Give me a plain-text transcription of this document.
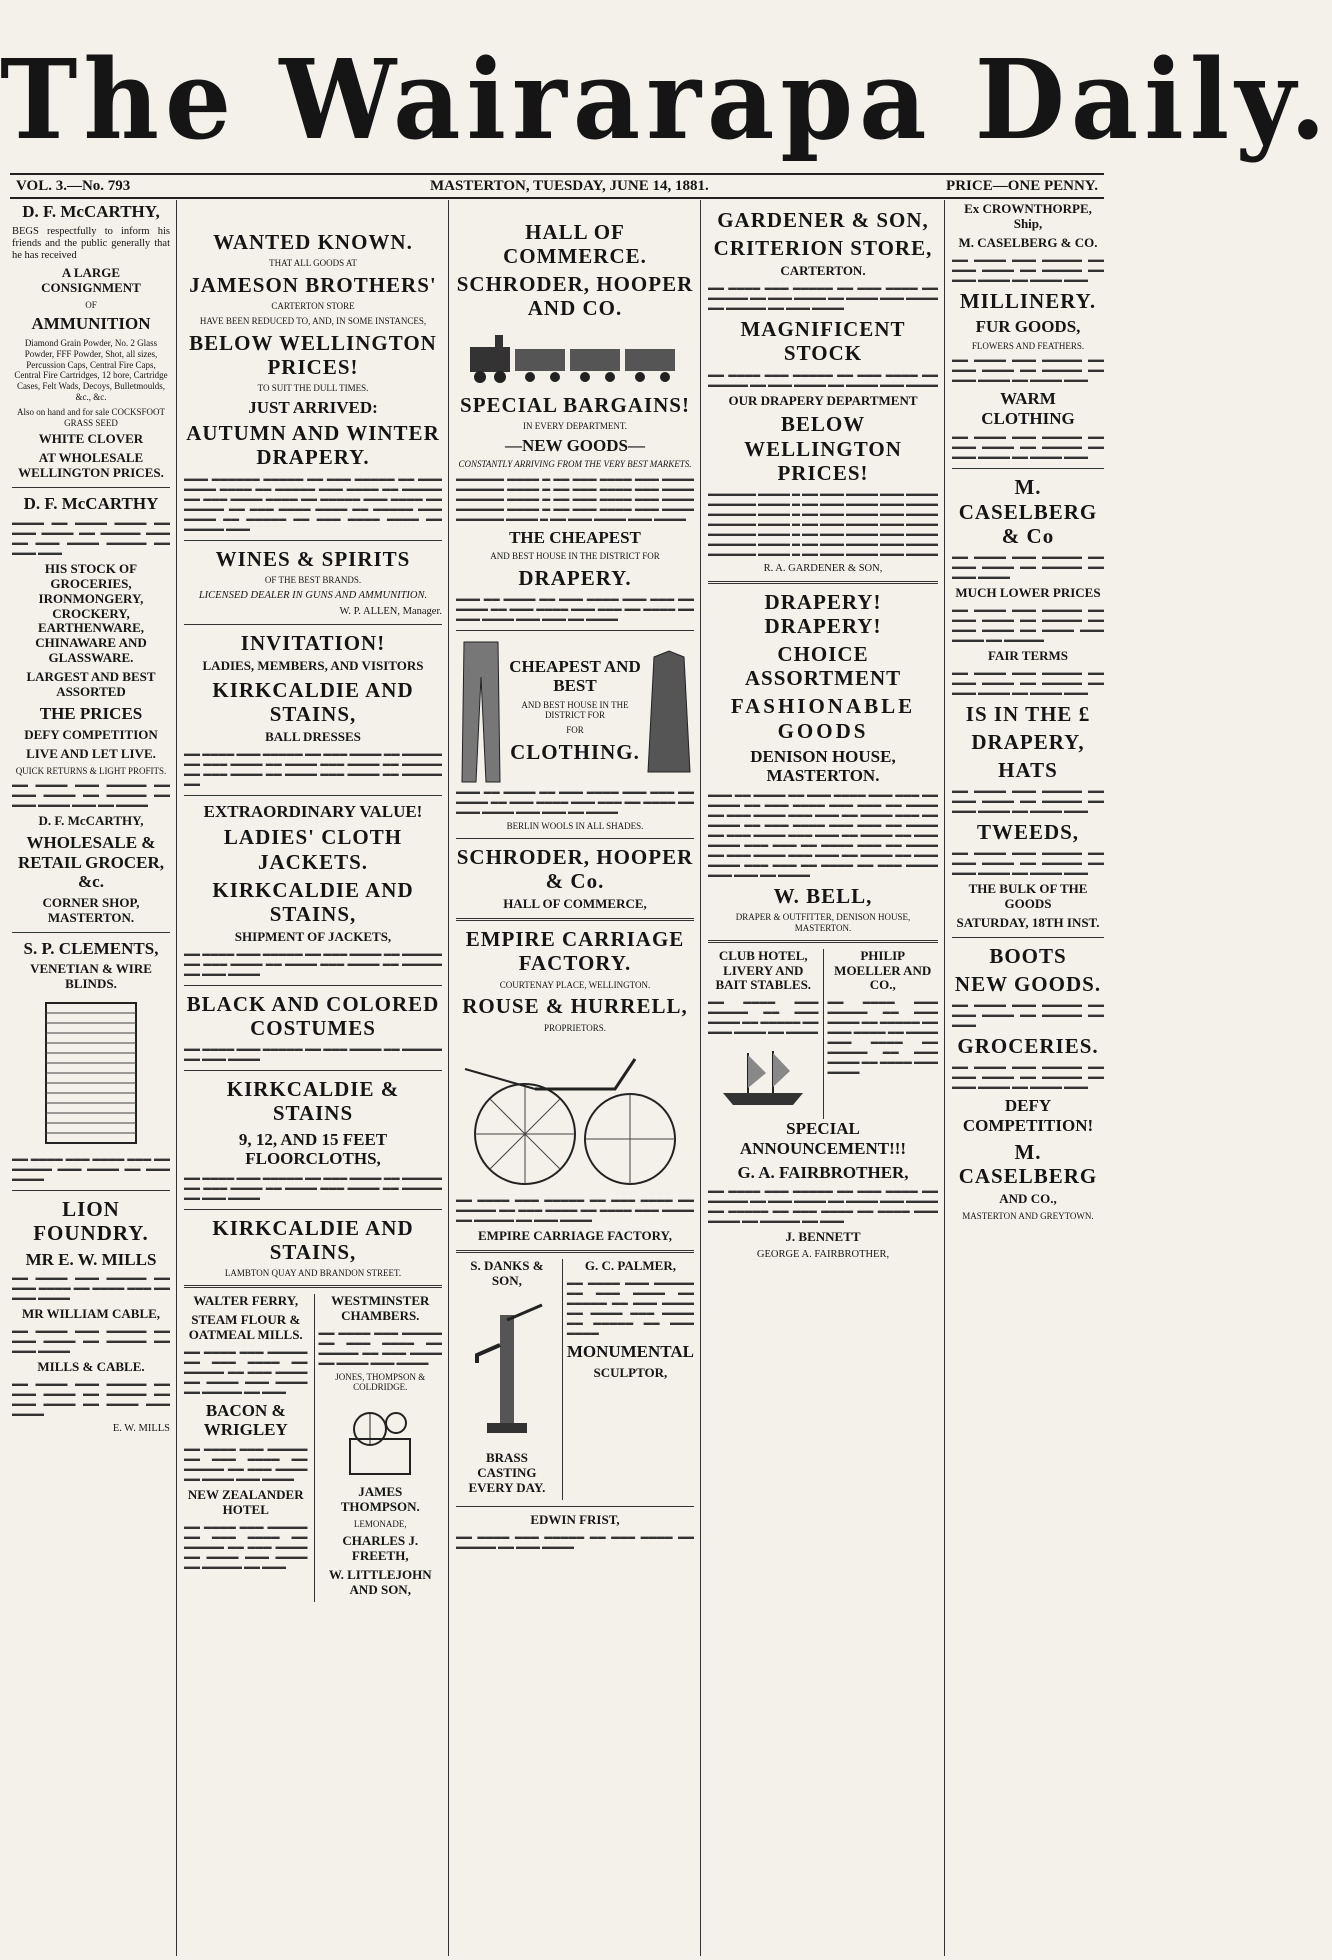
The Wairarapa Daily.
VOL. 3.—No. 793	MASTERTON, TUESDAY, JUNE 14, 1881.	PRICE—ONE PENNY.
D. F. McCARTHY,
BEGS respectfully to inform his friends and the public generally that he has received
A LARGE CONSIGNMENT
OF
AMMUNITION
Diamond Grain Powder, No. 2 Glass Powder, FFF Powder, Shot, all sizes, Percussion Caps, Central Fire Caps, Central Fire Cartridges, 12 bore, Cartridge Cases, Felt Wads, Decoys, Bulletmoulds, &c., &c.
Also on hand and for sale COCKSFOOT GRASS SEED
WHITE CLOVER
AT WHOLESALE WELLINGTON PRICES.
D. F. McCARTHY
▬▬▬▬ ▬▬ ▬▬▬▬ ▬▬▬▬ ▬▬ ▬▬▬ ▬▬▬▬ ▬▬ ▬▬▬▬▬ ▬▬▬ ▬▬ ▬▬▬ ▬▬▬▬ ▬▬▬▬▬ ▬▬ ▬▬▬ ▬▬▬
HIS STOCK OF GROCERIES, IRONMONGERY, CROCKERY, EARTHENWARE, CHINAWARE AND GLASSWARE.
LARGEST AND BEST ASSORTED
THE PRICES
DEFY COMPETITION
LIVE AND LET LIVE.
QUICK RETURNS & LIGHT PROFITS.
▬▬ ▬▬▬▬ ▬▬▬ ▬▬▬▬▬ ▬▬ ▬▬▬ ▬▬▬▬ ▬▬ ▬▬▬▬▬ ▬▬ ▬▬▬ ▬▬▬▬ ▬▬▬ ▬▬ ▬▬▬▬
D. F. McCARTHY,
WHOLESALE & RETAIL GROCER, &c.
CORNER SHOP, MASTERTON.
S. P. CLEMENTS,
VENETIAN & WIRE BLINDS.
▬▬ ▬▬▬▬ ▬▬▬ ▬▬▬▬ ▬▬▬ ▬▬ ▬▬▬▬▬ ▬▬▬ ▬▬▬▬ ▬▬ ▬▬▬ ▬▬▬▬
LION FOUNDRY.
MR E. W. MILLS
▬▬ ▬▬▬▬ ▬▬▬ ▬▬▬▬▬ ▬▬ ▬▬▬ ▬▬▬▬ ▬▬ ▬▬▬▬ ▬▬▬ ▬▬ ▬▬▬ ▬▬▬▬
MR WILLIAM CABLE,
▬▬ ▬▬▬▬ ▬▬▬ ▬▬▬▬▬ ▬▬ ▬▬▬ ▬▬▬▬ ▬▬ ▬▬▬▬▬ ▬▬ ▬▬▬ ▬▬▬▬
MILLS & CABLE.
▬▬ ▬▬▬▬ ▬▬▬ ▬▬▬▬▬ ▬▬ ▬▬▬ ▬▬▬▬ ▬▬ ▬▬▬▬▬ ▬▬ ▬▬▬ ▬▬▬▬ ▬▬ ▬▬▬▬ ▬▬▬ ▬▬▬▬
E. W. MILLS
WANTED KNOWN.
THAT ALL GOODS AT
JAMESON BROTHERS'
CARTERTON STORE
HAVE BEEN REDUCED TO, AND, IN SOME INSTANCES,
BELOW WELLINGTON PRICES!
TO SUIT THE DULL TIMES.
JUST ARRIVED:
AUTUMN AND WINTER DRAPERY.
▬▬▬ ▬▬▬▬▬▬ ▬▬▬▬▬ ▬▬ ▬▬▬ ▬▬▬▬▬ ▬▬ ▬▬▬ ▬▬▬▬ ▬▬▬▬ ▬▬ ▬▬▬▬▬ ▬▬▬ ▬▬▬▬ ▬▬ ▬▬▬▬▬ ▬▬ ▬▬▬ ▬▬▬▬ ▬▬▬▬ ▬▬ ▬▬▬▬▬ ▬▬▬ ▬▬▬▬ ▬▬ ▬▬▬▬▬ ▬▬ ▬▬▬ ▬▬▬▬ ▬▬▬▬ ▬▬ ▬▬▬▬▬ ▬▬▬ ▬▬▬▬ ▬▬ ▬▬▬▬▬ ▬▬ ▬▬▬ ▬▬▬▬ ▬▬▬▬ ▬▬ ▬▬▬▬▬ ▬▬▬
WINES & SPIRITS
OF THE BEST BRANDS.
LICENSED DEALER IN GUNS AND AMMUNITION.
W. P. ALLEN, Manager.
INVITATION!
LADIES, MEMBERS, AND VISITORS
KIRKCALDIE AND STAINS,
BALL DRESSES
▬▬ ▬▬▬▬ ▬▬▬ ▬▬▬▬▬ ▬▬ ▬▬▬ ▬▬▬▬ ▬▬ ▬▬▬▬▬ ▬▬ ▬▬▬ ▬▬▬▬ ▬▬ ▬▬▬▬ ▬▬▬ ▬▬▬▬ ▬▬ ▬▬▬▬▬ ▬▬ ▬▬▬ ▬▬▬▬ ▬▬ ▬▬▬▬ ▬▬▬ ▬▬▬▬ ▬▬ ▬▬▬▬▬ ▬▬
EXTRAORDINARY VALUE!
LADIES' CLOTH JACKETS.
KIRKCALDIE AND STAINS,
SHIPMENT OF JACKETS,
▬▬ ▬▬▬▬ ▬▬▬ ▬▬▬▬▬ ▬▬ ▬▬▬ ▬▬▬▬ ▬▬ ▬▬▬▬▬ ▬▬ ▬▬▬ ▬▬▬▬ ▬▬ ▬▬▬▬ ▬▬▬ ▬▬▬▬ ▬▬ ▬▬▬▬▬ ▬▬ ▬▬▬ ▬▬▬▬
BLACK AND COLORED COSTUMES
▬▬ ▬▬▬▬ ▬▬▬ ▬▬▬▬▬ ▬▬ ▬▬▬ ▬▬▬▬ ▬▬ ▬▬▬▬▬ ▬▬ ▬▬▬ ▬▬▬▬
KIRKCALDIE & STAINS
9, 12, AND 15 FEET FLOORCLOTHS,
▬▬ ▬▬▬▬ ▬▬▬ ▬▬▬▬▬ ▬▬ ▬▬▬ ▬▬▬▬ ▬▬ ▬▬▬▬▬ ▬▬ ▬▬▬ ▬▬▬▬ ▬▬ ▬▬▬▬ ▬▬▬ ▬▬▬▬ ▬▬ ▬▬▬▬▬ ▬▬ ▬▬▬ ▬▬▬▬
KIRKCALDIE AND STAINS,
LAMBTON QUAY AND BRANDON STREET.
WALTER FERRY,
STEAM FLOUR & OATMEAL MILLS.
▬▬ ▬▬▬▬ ▬▬▬ ▬▬▬▬▬ ▬▬ ▬▬▬ ▬▬▬▬ ▬▬ ▬▬▬▬▬ ▬▬ ▬▬▬ ▬▬▬▬ ▬▬ ▬▬▬▬ ▬▬▬ ▬▬▬▬ ▬▬ ▬▬▬▬▬ ▬▬ ▬▬▬
BACON & WRIGLEY
▬▬ ▬▬▬▬ ▬▬▬ ▬▬▬▬▬ ▬▬ ▬▬▬ ▬▬▬▬ ▬▬ ▬▬▬▬▬ ▬▬ ▬▬▬ ▬▬▬▬ ▬▬ ▬▬▬▬ ▬▬▬ ▬▬▬▬
NEW ZEALANDER HOTEL
▬▬ ▬▬▬▬ ▬▬▬ ▬▬▬▬▬ ▬▬ ▬▬▬ ▬▬▬▬ ▬▬ ▬▬▬▬▬ ▬▬ ▬▬▬ ▬▬▬▬ ▬▬ ▬▬▬▬ ▬▬▬ ▬▬▬▬ ▬▬ ▬▬▬▬▬ ▬▬ ▬▬▬
WESTMINSTER CHAMBERS.
▬▬ ▬▬▬▬ ▬▬▬ ▬▬▬▬▬ ▬▬ ▬▬▬ ▬▬▬▬ ▬▬ ▬▬▬▬▬ ▬▬ ▬▬▬ ▬▬▬▬ ▬▬ ▬▬▬▬ ▬▬▬ ▬▬▬▬
JONES, THOMPSON & COLDRIDGE.
JAMES THOMPSON.
LEMONADE,
CHARLES J. FREETH,
W. LITTLEJOHN AND SON,
HALL OF COMMERCE.
SCHRODER, HOOPER AND CO.
SPECIAL BARGAINS!
IN EVERY DEPARTMENT.
—NEW GOODS—
CONSTANTLY ARRIVING FROM THE VERY BEST MARKETS.
▬▬▬▬▬▬ ▬▬▬▬ ▬ ▬▬ ▬▬▬ ▬▬▬▬ ▬▬▬ ▬▬▬▬ ▬▬▬▬▬▬ ▬▬▬▬ ▬ ▬▬ ▬▬▬ ▬▬▬▬ ▬▬▬ ▬▬▬▬ ▬▬▬▬▬▬ ▬▬▬▬ ▬ ▬▬ ▬▬▬ ▬▬▬▬ ▬▬▬ ▬▬▬▬ ▬▬▬▬▬▬ ▬▬▬▬ ▬ ▬▬ ▬▬▬ ▬▬▬▬ ▬▬▬ ▬▬▬▬ ▬▬▬▬▬▬ ▬▬▬▬ ▬ ▬▬ ▬▬▬ ▬▬▬▬ ▬▬▬ ▬▬▬▬
THE CHEAPEST
AND BEST HOUSE IN THE DISTRICT FOR
DRAPERY.
▬▬▬ ▬▬ ▬▬▬▬ ▬▬ ▬▬▬ ▬▬▬▬ ▬▬▬ ▬▬▬ ▬▬ ▬▬▬▬ ▬▬ ▬▬▬ ▬▬▬▬ ▬▬▬ ▬▬▬ ▬▬ ▬▬▬▬ ▬▬ ▬▬▬ ▬▬▬▬ ▬▬▬ ▬▬▬ ▬▬ ▬▬▬▬
CHEAPEST AND BEST
AND BEST HOUSE IN THE DISTRICT FOR
FOR
CLOTHING.
▬▬▬ ▬▬ ▬▬▬▬ ▬▬ ▬▬▬ ▬▬▬▬ ▬▬▬ ▬▬▬ ▬▬ ▬▬▬▬ ▬▬ ▬▬▬ ▬▬▬▬ ▬▬▬ ▬▬▬ ▬▬ ▬▬▬▬ ▬▬ ▬▬▬ ▬▬▬▬ ▬▬▬ ▬▬▬ ▬▬ ▬▬▬▬
BERLIN WOOLS IN ALL SHADES.
SCHRODER, HOOPER & Co.
HALL OF COMMERCE,
EMPIRE CARRIAGE FACTORY.
COURTENAY PLACE, WELLINGTON.
ROUSE & HURRELL,
PROPRIETORS.
▬▬ ▬▬▬▬ ▬▬▬ ▬▬▬▬▬ ▬▬ ▬▬▬ ▬▬▬▬ ▬▬ ▬▬▬▬▬ ▬▬ ▬▬▬ ▬▬▬▬ ▬▬ ▬▬▬▬ ▬▬▬ ▬▬▬▬ ▬▬ ▬▬▬▬▬ ▬▬ ▬▬▬ ▬▬▬▬
EMPIRE CARRIAGE FACTORY,
S. DANKS & SON,
BRASS CASTING EVERY DAY.
G. C. PALMER,
▬▬ ▬▬▬▬ ▬▬▬ ▬▬▬▬▬ ▬▬ ▬▬▬ ▬▬▬▬ ▬▬ ▬▬▬▬▬ ▬▬ ▬▬▬ ▬▬▬▬ ▬▬ ▬▬▬▬ ▬▬▬ ▬▬▬▬ ▬▬ ▬▬▬▬▬ ▬▬ ▬▬▬ ▬▬▬▬
MONUMENTAL
SCULPTOR,
EDWIN FRIST,
▬▬ ▬▬▬▬ ▬▬▬ ▬▬▬▬▬ ▬▬ ▬▬▬ ▬▬▬▬ ▬▬ ▬▬▬▬▬ ▬▬ ▬▬▬ ▬▬▬▬
GARDENER & SON,
CRITERION STORE,
CARTERTON.
▬▬ ▬▬▬▬ ▬▬▬ ▬▬▬▬▬ ▬▬ ▬▬▬ ▬▬▬▬ ▬▬ ▬▬▬▬▬ ▬▬ ▬▬▬ ▬▬▬▬ ▬▬ ▬▬▬▬ ▬▬▬ ▬▬▬▬ ▬▬ ▬▬▬▬▬ ▬▬ ▬▬▬ ▬▬▬▬
MAGNIFICENT STOCK
▬▬ ▬▬▬▬ ▬▬▬ ▬▬▬▬▬ ▬▬ ▬▬▬ ▬▬▬▬ ▬▬ ▬▬▬▬▬ ▬▬ ▬▬▬ ▬▬▬▬ ▬▬ ▬▬▬▬ ▬▬▬ ▬▬▬▬
OUR DRAPERY DEPARTMENT
BELOW WELLINGTON PRICES!
▬▬▬▬▬▬ ▬▬▬▬ ▬ ▬▬ ▬▬▬ ▬▬▬▬ ▬▬▬ ▬▬▬▬ ▬▬▬▬▬▬ ▬▬▬▬ ▬ ▬▬ ▬▬▬ ▬▬▬▬ ▬▬▬ ▬▬▬▬ ▬▬▬▬▬▬ ▬▬▬▬ ▬ ▬▬ ▬▬▬ ▬▬▬▬ ▬▬▬ ▬▬▬▬ ▬▬▬▬▬▬ ▬▬▬▬ ▬ ▬▬ ▬▬▬ ▬▬▬▬ ▬▬▬ ▬▬▬▬ ▬▬▬▬▬▬ ▬▬▬▬ ▬ ▬▬ ▬▬▬ ▬▬▬▬ ▬▬▬ ▬▬▬▬ ▬▬▬▬▬▬ ▬▬▬▬ ▬ ▬▬ ▬▬▬ ▬▬▬▬ ▬▬▬ ▬▬▬▬ ▬▬▬▬▬▬ ▬▬▬▬ ▬ ▬▬ ▬▬▬ ▬▬▬▬ ▬▬▬ ▬▬▬▬
R. A. GARDENER & SON,
DRAPERY! DRAPERY!
CHOICE ASSORTMENT
FASHIONABLE GOODS
DENISON HOUSE, MASTERTON.
▬▬▬ ▬▬ ▬▬▬▬ ▬▬ ▬▬▬ ▬▬▬▬ ▬▬▬ ▬▬▬ ▬▬ ▬▬▬▬ ▬▬ ▬▬▬ ▬▬▬▬ ▬▬▬ ▬▬▬ ▬▬ ▬▬▬▬ ▬▬ ▬▬▬ ▬▬▬▬ ▬▬▬ ▬▬▬ ▬▬ ▬▬▬▬ ▬▬▬ ▬▬ ▬▬▬▬ ▬▬ ▬▬▬ ▬▬▬▬ ▬▬▬ ▬▬▬ ▬▬ ▬▬▬▬ ▬▬ ▬▬▬ ▬▬▬▬ ▬▬▬ ▬▬▬ ▬▬ ▬▬▬▬ ▬▬ ▬▬▬ ▬▬▬▬ ▬▬▬ ▬▬▬ ▬▬ ▬▬▬▬ ▬▬▬ ▬▬ ▬▬▬▬ ▬▬ ▬▬▬ ▬▬▬▬ ▬▬▬ ▬▬▬ ▬▬ ▬▬▬▬ ▬▬ ▬▬▬ ▬▬▬▬ ▬▬▬ ▬▬▬ ▬▬ ▬▬▬▬ ▬▬ ▬▬▬ ▬▬▬▬ ▬▬▬ ▬▬▬ ▬▬ ▬▬▬▬
W. BELL,
DRAPER & OUTFITTER, DENISON HOUSE, MASTERTON.
CLUB HOTEL, LIVERY AND BAIT STABLES.
▬▬ ▬▬▬▬ ▬▬▬ ▬▬▬▬▬ ▬▬ ▬▬▬ ▬▬▬▬ ▬▬ ▬▬▬▬▬ ▬▬ ▬▬▬ ▬▬▬▬ ▬▬ ▬▬▬▬
PHILIP MOELLER AND CO.,
▬▬ ▬▬▬▬ ▬▬▬ ▬▬▬▬▬ ▬▬ ▬▬▬ ▬▬▬▬ ▬▬ ▬▬▬▬▬ ▬▬ ▬▬▬ ▬▬▬▬ ▬▬ ▬▬▬▬ ▬▬▬ ▬▬▬▬ ▬▬ ▬▬▬▬▬ ▬▬ ▬▬▬ ▬▬▬▬ ▬▬ ▬▬▬▬ ▬▬▬ ▬▬▬▬
SPECIAL ANNOUNCEMENT!!!
G. A. FAIRBROTHER,
▬▬ ▬▬▬▬ ▬▬▬ ▬▬▬▬▬ ▬▬ ▬▬▬ ▬▬▬▬ ▬▬ ▬▬▬▬▬ ▬▬ ▬▬▬ ▬▬▬▬ ▬▬ ▬▬▬▬ ▬▬▬ ▬▬▬▬ ▬▬ ▬▬▬▬▬ ▬▬ ▬▬▬ ▬▬▬▬ ▬▬ ▬▬▬▬ ▬▬▬ ▬▬▬▬ ▬▬ ▬▬▬▬▬ ▬▬ ▬▬▬
J. BENNETT
GEORGE A. FAIRBROTHER,
Ex CROWNTHORPE, Ship,
M. CASELBERG & CO.
▬▬ ▬▬▬▬ ▬▬▬ ▬▬▬▬▬ ▬▬ ▬▬▬ ▬▬▬▬ ▬▬ ▬▬▬▬▬ ▬▬ ▬▬▬ ▬▬▬▬ ▬▬ ▬▬▬▬ ▬▬▬
MILLINERY.
FUR GOODS,
FLOWERS AND FEATHERS.
▬▬ ▬▬▬▬ ▬▬▬ ▬▬▬▬▬ ▬▬ ▬▬▬ ▬▬▬▬ ▬▬ ▬▬▬▬▬ ▬▬ ▬▬▬ ▬▬▬▬ ▬▬ ▬▬▬▬ ▬▬▬
WARM CLOTHING
▬▬ ▬▬▬▬ ▬▬▬ ▬▬▬▬▬ ▬▬ ▬▬▬ ▬▬▬▬ ▬▬ ▬▬▬▬▬ ▬▬ ▬▬▬ ▬▬▬▬ ▬▬ ▬▬▬▬ ▬▬▬
M. CASELBERG & Co
▬▬ ▬▬▬▬ ▬▬▬ ▬▬▬▬▬ ▬▬ ▬▬▬ ▬▬▬▬ ▬▬ ▬▬▬▬▬ ▬▬ ▬▬▬ ▬▬▬▬
MUCH LOWER PRICES
▬▬ ▬▬▬▬ ▬▬▬ ▬▬▬▬▬ ▬▬ ▬▬▬ ▬▬▬▬ ▬▬ ▬▬▬▬▬ ▬▬ ▬▬▬ ▬▬▬▬ ▬▬ ▬▬▬▬ ▬▬▬ ▬▬▬▬ ▬▬ ▬▬▬▬▬
FAIR TERMS
▬▬ ▬▬▬▬ ▬▬▬ ▬▬▬▬▬ ▬▬ ▬▬▬ ▬▬▬▬ ▬▬ ▬▬▬▬▬ ▬▬ ▬▬▬ ▬▬▬▬ ▬▬ ▬▬▬▬ ▬▬▬
IS IN THE £
DRAPERY,
HATS
▬▬ ▬▬▬▬ ▬▬▬ ▬▬▬▬▬ ▬▬ ▬▬▬ ▬▬▬▬ ▬▬ ▬▬▬▬▬ ▬▬ ▬▬▬ ▬▬▬▬ ▬▬ ▬▬▬▬ ▬▬▬
TWEEDS,
▬▬ ▬▬▬▬ ▬▬▬ ▬▬▬▬▬ ▬▬ ▬▬▬ ▬▬▬▬ ▬▬ ▬▬▬▬▬ ▬▬ ▬▬▬ ▬▬▬▬ ▬▬ ▬▬▬▬ ▬▬▬
THE BULK OF THE GOODS
SATURDAY, 18TH INST.
BOOTS
NEW GOODS.
▬▬ ▬▬▬▬ ▬▬▬ ▬▬▬▬▬ ▬▬ ▬▬▬ ▬▬▬▬ ▬▬ ▬▬▬▬▬ ▬▬ ▬▬▬
GROCERIES.
▬▬ ▬▬▬▬ ▬▬▬ ▬▬▬▬▬ ▬▬ ▬▬▬ ▬▬▬▬ ▬▬ ▬▬▬▬▬ ▬▬ ▬▬▬ ▬▬▬▬ ▬▬ ▬▬▬▬ ▬▬▬
DEFY COMPETITION!
M. CASELBERG
AND CO.,
MASTERTON AND GREYTOWN.
